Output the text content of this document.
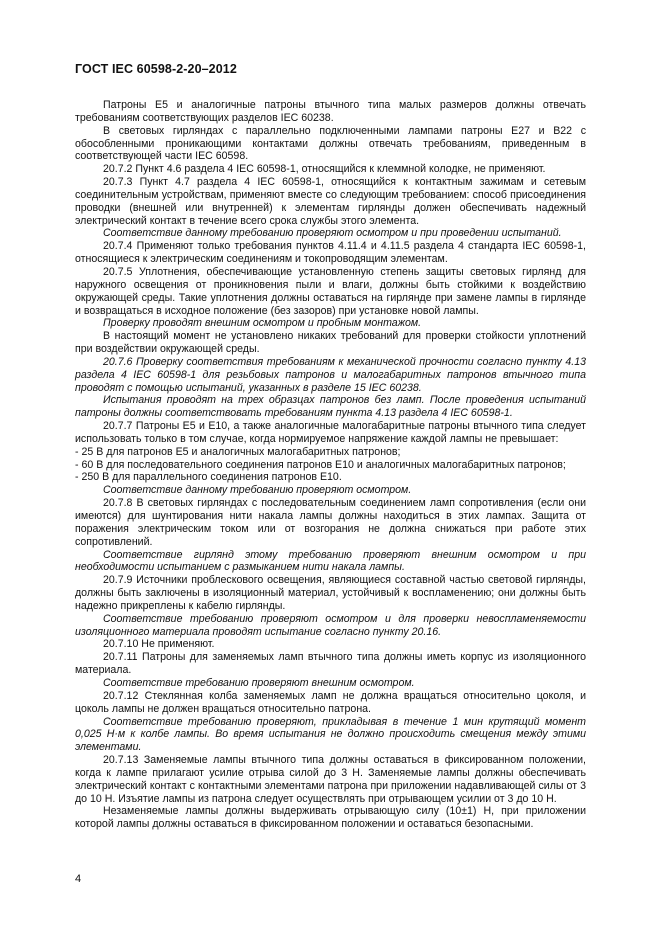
ГОСТ IEC 60598-2-20–2012

Патроны E5 и аналогичные патроны втычного типа малых размеров должны отвечать требованиям соответствующих разделов IEC 60238.

В световых гирляндах с параллельно подключенными лампами патроны E27 и B22 с обособленными проникающими контактами должны отвечать требованиям, приведенным в соответствующей части IEC 60598.

20.7.2 Пункт 4.6 раздела 4 IEC 60598-1, относящийся к клеммной колодке, не применяют.

20.7.3 Пункт 4.7 раздела 4 IEC 60598-1, относящийся к контактным зажимам и сетевым соединительным устройствам, применяют вместе со следующим требованием: способ присоединения проводки (внешней или внутренней) к элементам гирлянды должен обеспечивать надежный электрический контакт в течение всего срока службы этого элемента.

Соответствие данному требованию проверяют осмотром и при проведении испытаний.

20.7.4 Применяют только требования пунктов 4.11.4 и 4.11.5 раздела 4 стандарта IEC 60598-1, относящиеся к электрическим соединениям и токопроводящим элементам.

20.7.5 Уплотнения, обеспечивающие установленную степень защиты световых гирлянд для наружного освещения от проникновения пыли и влаги, должны быть стойкими к воздействию окружающей среды. Такие уплотнения должны оставаться на гирлянде при замене лампы в гирлянде и возвращаться в исходное положение (без зазоров) при установке новой лампы.

Проверку проводят внешним осмотром и пробным монтажом.

В настоящий момент не установлено никаких требований для проверки стойкости уплотнений при воздействии окружающей среды.

20.7.6 Проверку соответствия требованиям к механической прочности согласно пункту 4.13 раздела 4 IEC 60598-1 для резьбовых патронов и малогабаритных патронов втычного типа проводят с помощью испытаний, указанных в разделе 15 IEC 60238.

Испытания проводят на трех образцах патронов без ламп. После проведения испытаний патроны должны соответствовать требованиям пункта 4.13 раздела 4 IEC 60598-1.

20.7.7 Патроны E5 и E10, а также аналогичные малогабаритные патроны втычного типа следует использовать только в том случае, когда нормируемое напряжение каждой лампы не превышает:

- 25 В для патронов E5 и аналогичных малогабаритных патронов;

- 60 В для последовательного соединения патронов E10 и аналогичных малогабаритных патронов;

- 250 В для параллельного соединения патронов E10.

Соответствие данному требованию проверяют осмотром.

20.7.8 В световых гирляндах с последовательным соединением ламп сопротивления (если они имеются) для шунтирования нити накала лампы должны находиться в этих лампах. Защита от поражения электрическим током или от возгорания не должна снижаться при работе этих сопротивлений.

Соответствие гирлянд этому требованию проверяют внешним осмотром и при необходимости испытанием с размыканием нити накала лампы.

20.7.9 Источники проблескового освещения, являющиеся составной частью световой гирлянды, должны быть заключены в изоляционный материал, устойчивый к воспламенению; они должны быть надежно прикреплены к кабелю гирлянды.

Соответствие требованию проверяют осмотром и для проверки невоспламеняемости изоляционного материала проводят испытание согласно пункту 20.16.

20.7.10 Не применяют.

20.7.11 Патроны для заменяемых ламп втычного типа должны иметь корпус из изоляционного материала.

Соответствие требованию проверяют внешним осмотром.

20.7.12 Стеклянная колба заменяемых ламп не должна вращаться относительно цоколя, и цоколь лампы не должен вращаться относительно патрона.

Соответствие требованию проверяют, прикладывая в течение 1 мин крутящий момент 0,025 Н·м к колбе лампы. Во время испытания не должно происходить смещения между этими элементами.

20.7.13 Заменяемые лампы втычного типа должны оставаться в фиксированном положении, когда к лампе прилагают усилие отрыва силой до 3 Н. Заменяемые лампы должны обеспечивать электрический контакт с контактными элементами патрона при приложении надавливающей силы от 3 до 10 Н. Изъятие лампы из патрона следует осуществлять при отрывающем усилии от 3 до 10 Н.

Незаменяемые лампы должны выдерживать отрывающую силу (10±1) Н, при приложении которой лампы должны оставаться в фиксированном положении и оставаться безопасными.

4
